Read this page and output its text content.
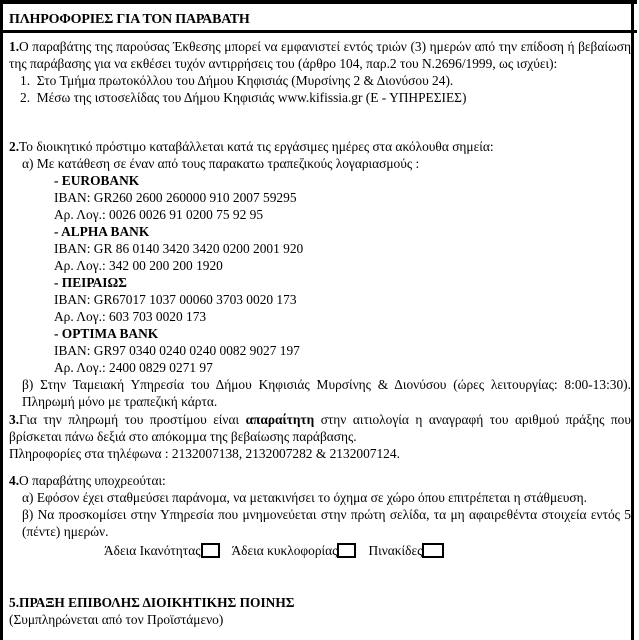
ΠΛΗΡΟΦΟΡΙΕΣ ΓΙΑ ΤΟΝ ΠΑΡΑΒΑΤΗ

1.Ο παραβάτης της παρούσας Έκθεσης μπορεί να εμφανιστεί εντός τριών (3) ημερών από την επίδοση ή βεβαίωση της παράβασης για να εκθέσει τυχόν αντιρρήσεις του (άρθρο 104, παρ.2 του Ν.2696/1999, ως ισχύει):

1. Στο Τμήμα πρωτοκόλλου του Δήμου Κηφισιάς (Μυρσίνης 2 & Διονύσου 24).
2. Μέσω της ιστοσελίδας του Δήμου Κηφισιάς www.kifissia.gr (Ε - ΥΠΗΡΕΣΙΕΣ)

2.Το διοικητικό πρόστιμο καταβάλλεται κατά τις εργάσιμες ημέρες στα ακόλουθα σημεία:

α) Με κατάθεση σε έναν από τους παρακατω τραπεζικούς λογαριασμούς :

- EUROBANK

IBAN: GR260 2600 260000 910 2007 59295

Αρ. Λογ.: 0026 0026 91 0200 75 92 95

- ALPHA BANK

IBAN: GR 86 0140 3420 3420 0200 2001 920

Αρ. Λογ.: 342 00 200 200 1920

- ΠΕΙΡΑΙΩΣ

IBAN: GR67017 1037 00060 3703 0020 173

Αρ. Λογ.: 603 703 0020 173

- OPTIMA BANK

IBAN: GR97 0340 0240 0240 0082 9027 197

Αρ. Λογ.: 2400 0829 0271 97

β) Στην Ταμειακή Υπηρεσία του Δήμου Κηφισιάς Μυρσίνης & Διονύσου (ώρες λειτουργίας: 8:00-13:30). Πληρωμή μόνο με τραπεζική κάρτα.

3.Για την πληρωμή του προστίμου είναι απαραίτητη στην αιτιολογία η αναγραφή του αριθμού πράξης που βρίσκεται πάνω δεξιά στο απόκομμα της βεβαίωσης παράβασης.

Πληροφορίες στα τηλέφωνα : 2132007138, 2132007282 & 2132007124.

4.Ο παραβάτης υποχρεούται:

α) Εφόσον έχει σταθμεύσει παράνομα, να μετακινήσει το όχημα σε χώρο όπου επιτρέπεται η στάθμευση.

β) Να προσκομίσει στην Υπηρεσία που μνημονεύεται στην πρώτη σελίδα, τα μη αφαιρεθέντα στοιχεία εντός 5 (πέντε) ημερών.

Άδεια Ικανότητας Άδεια κυκλοφορίας Πινακίδες

5.ΠΡΑΞΗ ΕΠΙΒΟΛΗΣ ΔΙΟΙΚΗΤΙΚΗΣ ΠΟΙΝΗΣ

(Συμπληρώνεται από τον Προϊστάμενο)
